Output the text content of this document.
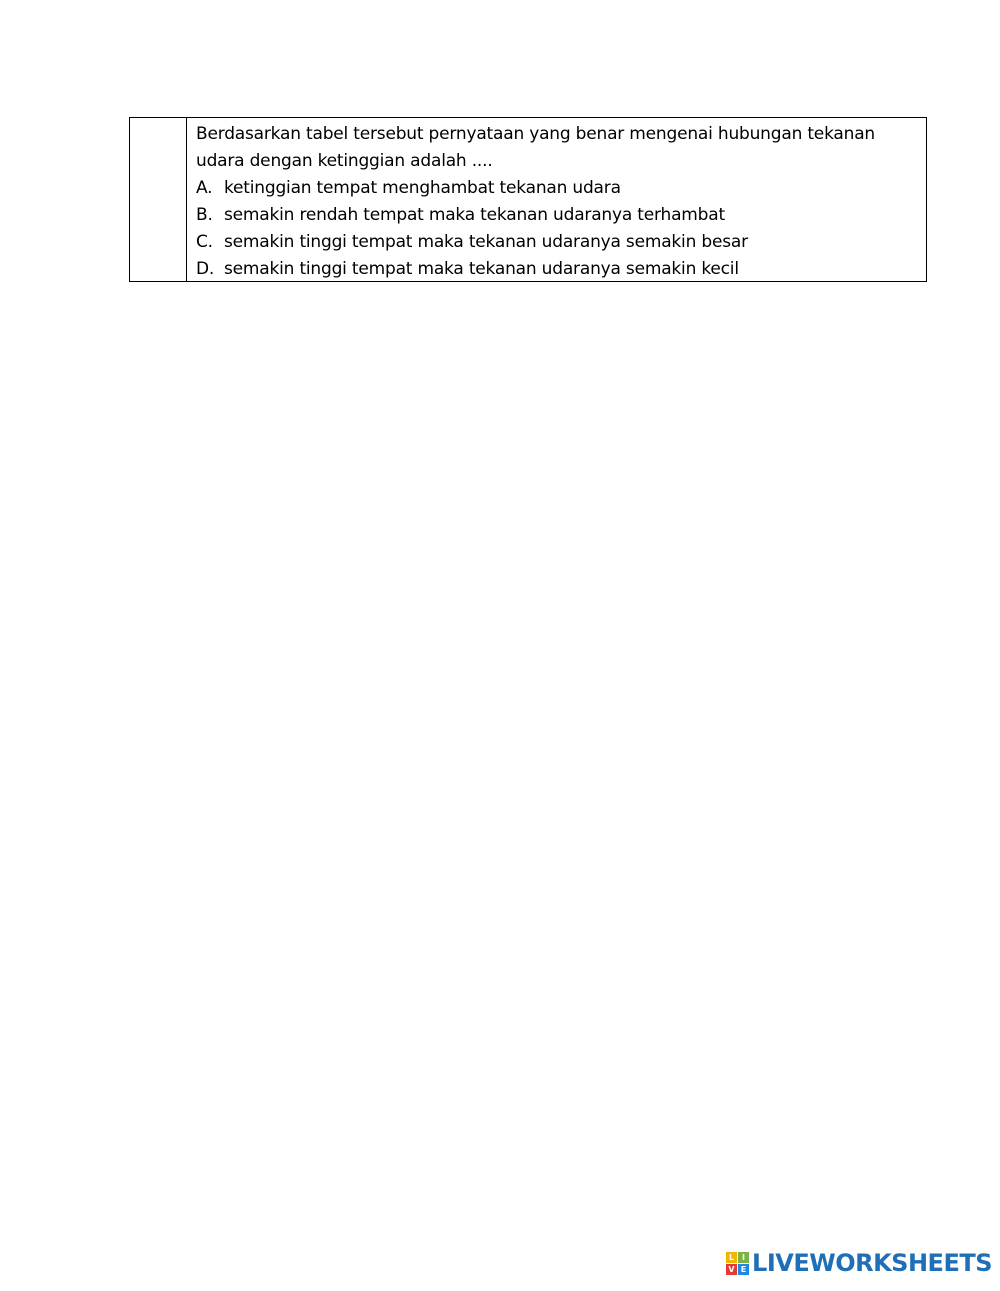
Berdasarkan tabel tersebut pernyataan yang benar mengenai hubungan tekanan
udara dengan ketinggian adalah ....
A. ketinggian tempat menghambat tekanan udara
B. semakin rendah tempat maka tekanan udaranya terhambat
C. semakin tinggi tempat maka tekanan udaranya semakin besar
D. semakin tinggi tempat maka tekanan udaranya semakin kecil
L I
V E LIVEWORKSHEETS
